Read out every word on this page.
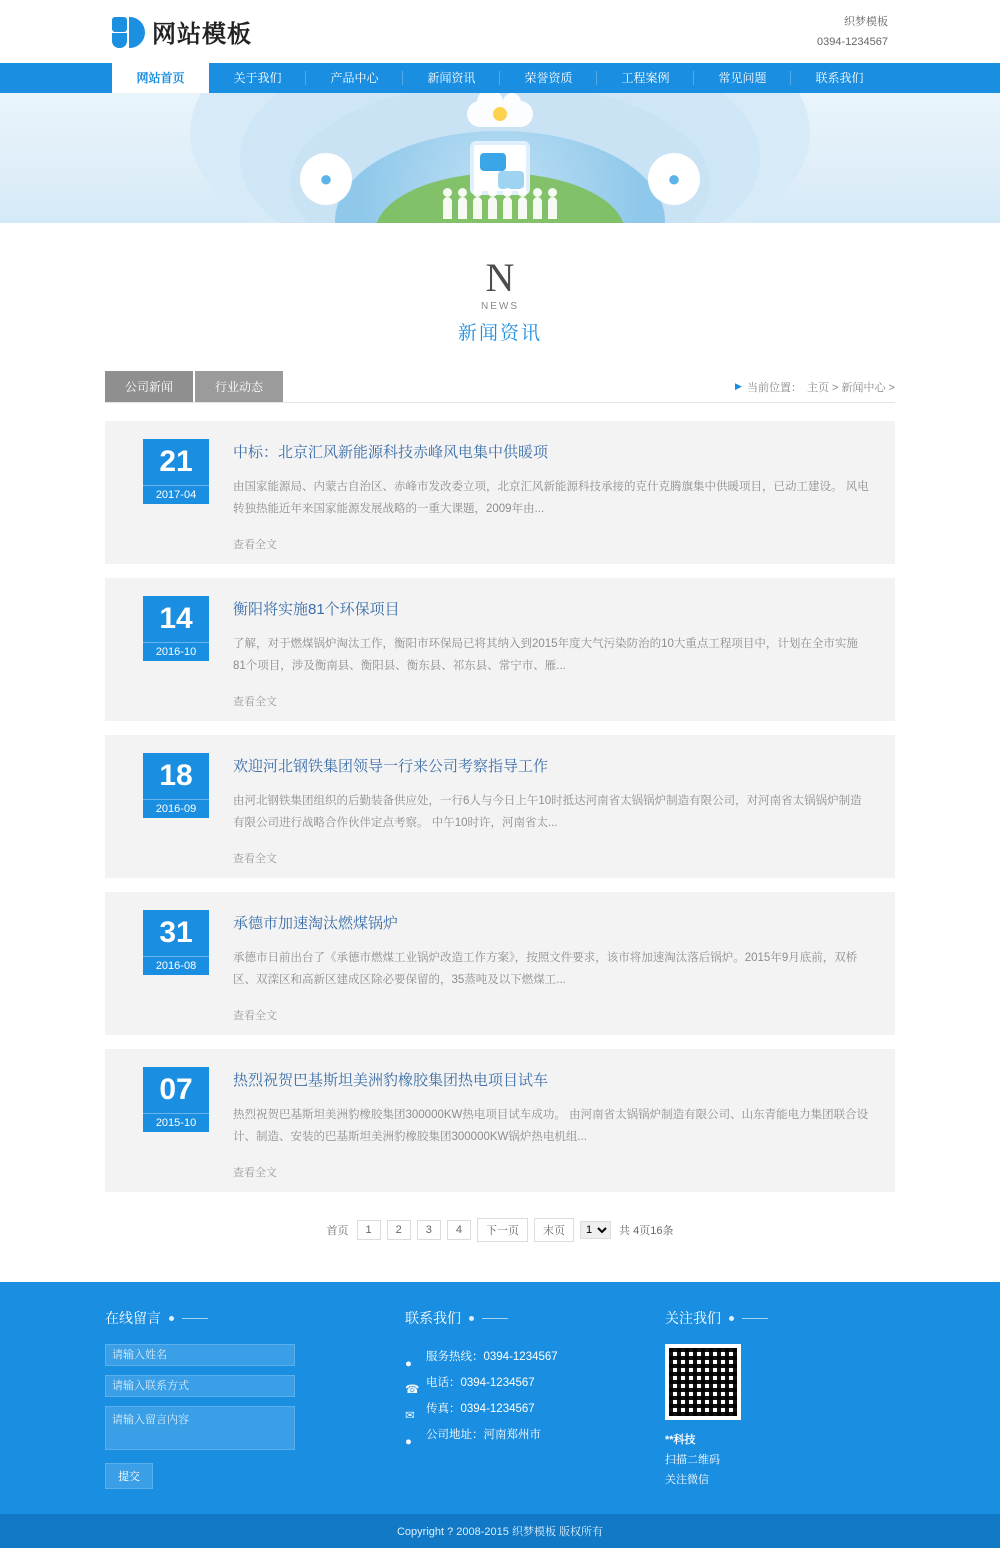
网站模板	织梦模板
0394-1234567
网站首页	关于我们	产品中心	新闻资讯	荣誉资质	工程案例	常见问题	联系我们
●	●
N
NEWS
新闻资讯
公司新闻	行业动态	▶ 当前位置： 主页 > 新闻中心 >
21
2017-04
中标：北京汇风新能源科技赤峰风电集中供暖项
由国家能源局、内蒙古自治区、赤峰市发改委立项，北京汇风新能源科技承接的克什克腾旗集中供暖项目，已动工建设。 风电转独热能近年来国家能源发展战略的一重大课题，2009年由...
查看全文
14
2016-10
衡阳将实施81个环保项目
了解，对于燃煤锅炉淘汰工作，衡阳市环保局已将其纳入到2015年度大气污染防治的10大重点工程项目中，计划在全市实施81个项目，涉及衡南县、衡阳县、衡东县、祁东县、常宁市、雁...
查看全文
18
2016-09
欢迎河北钢铁集团领导一行来公司考察指导工作
由河北钢铁集团组织的后勤装备供应处，一行6人与今日上午10时抵达河南省太锅锅炉制造有限公司，对河南省太锅锅炉制造有限公司进行战略合作伙伴定点考察。 中午10时许，河南省太...
查看全文
31
2016-08
承德市加速淘汰燃煤锅炉
承德市日前出台了《承德市燃煤工业锅炉改造工作方案》，按照文件要求，该市将加速淘汰落后锅炉。2015年9月底前，双桥区、双滦区和高新区建成区除必要保留的，35蒸吨及以下燃煤工...
查看全文
07
2015-10
热烈祝贺巴基斯坦美洲豹橡胶集团热电项目试车
热烈祝贺巴基斯坦美洲豹橡胶集团300000KW热电项目试车成功。 由河南省太锅锅炉制造有限公司、山东青能电力集团联合设计、制造、安装的巴基斯坦美洲豹橡胶集团300000KW锅炉热电机组...
查看全文
首页	1	2	3	4	下一页	末页
1	共 4页16条
在线留言
请输入姓名
请输入联系方式
请输入留言内容 提交
联系我们
●
服务热线：0394-1234567
☎
电话：0394-1234567
✉
传真：0394-1234567
●
公司地址：河南郑州市
关注我们
**科技
扫描二维码
关注微信
Copyright ? 2008-2015 织梦模板 版权所有
